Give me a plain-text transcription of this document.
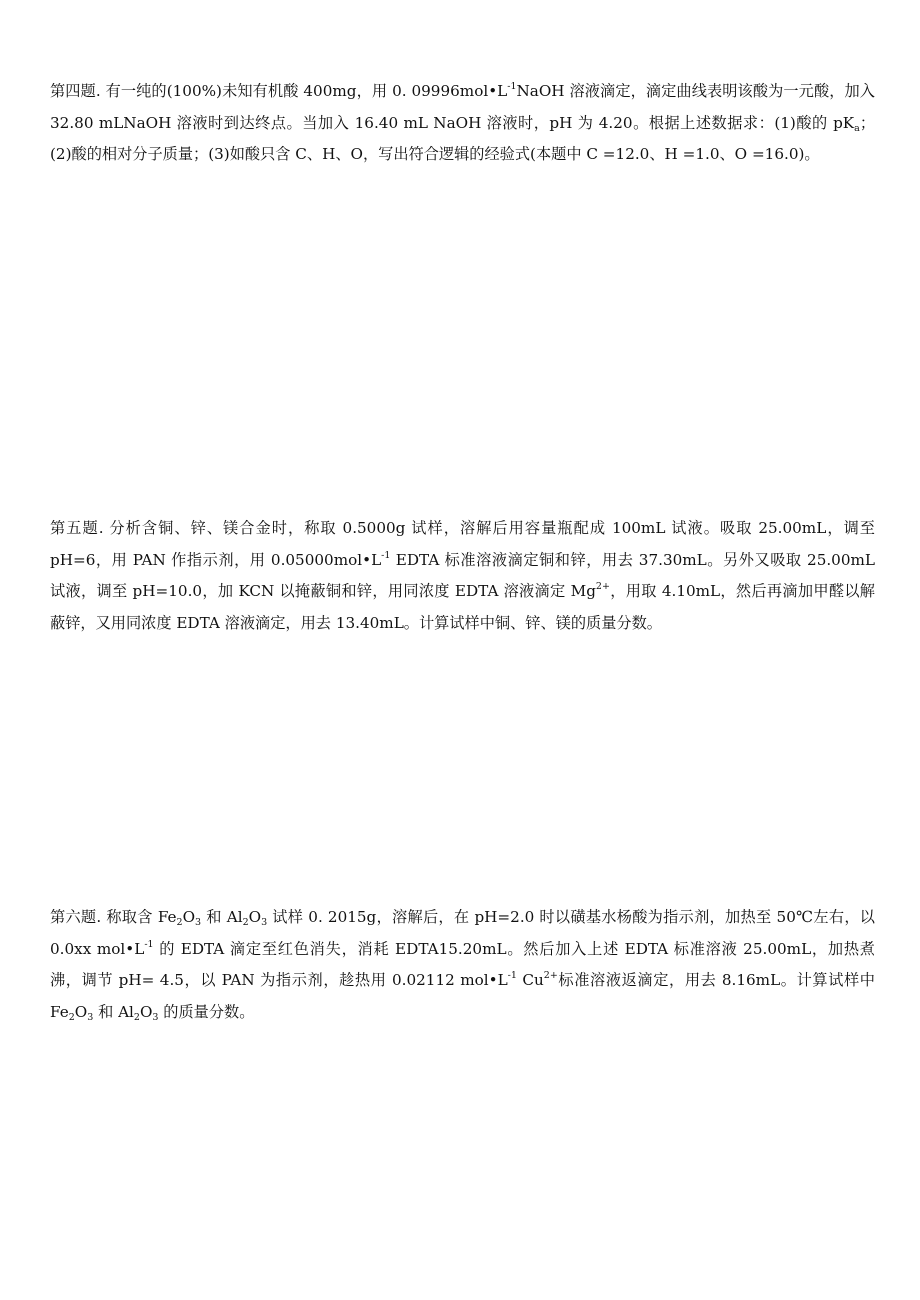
第四题. 有一纯的(100%)未知有机酸 400mg，用 0. $09996mol•L^{-1}NaOH$ 溶液滴定，滴定曲线表明该酸为一元酸，加入 32.80 mLNaOH 溶液时到达终点。当加入 16.40 mL NaOH 溶液时，pH 为 4.20。根据上述数据求：(1)酸的 $pK_a$；(2)酸的相对分子质量；(3)如酸只含 C、H、O，写出符合逻辑的经验式(本题中 C =12.0、H =1.0、O =16.0)。

第五题. 分析含铜、锌、镁合金时，称取 0.5000g 试样，溶解后用容量瓶配成 100mL 试液。吸取 25.00mL，调至 pH=6，用 PAN 作指示剂，用 $0.05000mol•L^{-1}$ EDTA 标准溶液滴定铜和锌，用去 37.30mL。另外又吸取 25.00mL 试液，调至 pH=10.0，加 KCN 以掩蔽铜和锌，用同浓度 EDTA 溶液滴定 $Mg^{2+}$，用取 4.10mL，然后再滴加甲醛以解蔽锌，又用同浓度 EDTA 溶液滴定，用去 13.40mL。计算试样中铜、锌、镁的质量分数。

第六题. 称取含 $Fe_2O_3$ 和 $Al_2O_3$ 试样 0. 2015g，溶解后，在 pH=2.0 时以磺基水杨酸为指示剂，加热至 50℃左右，以 0.0xx $mol•L^{-1}$ 的 EDTA 滴定至红色消失，消耗 EDTA15.20mL。然后加入上述 EDTA 标准溶液 25.00mL，加热煮沸，调节 pH= 4.5，以 PAN 为指示剂，趁热用 0.02112 $mol•L^{-1}$ $Cu^{2+}$标准溶液返滴定，用去 8.16mL。计算试样中 $Fe_2O_3$ 和 $Al_2O_3$ 的质量分数。
